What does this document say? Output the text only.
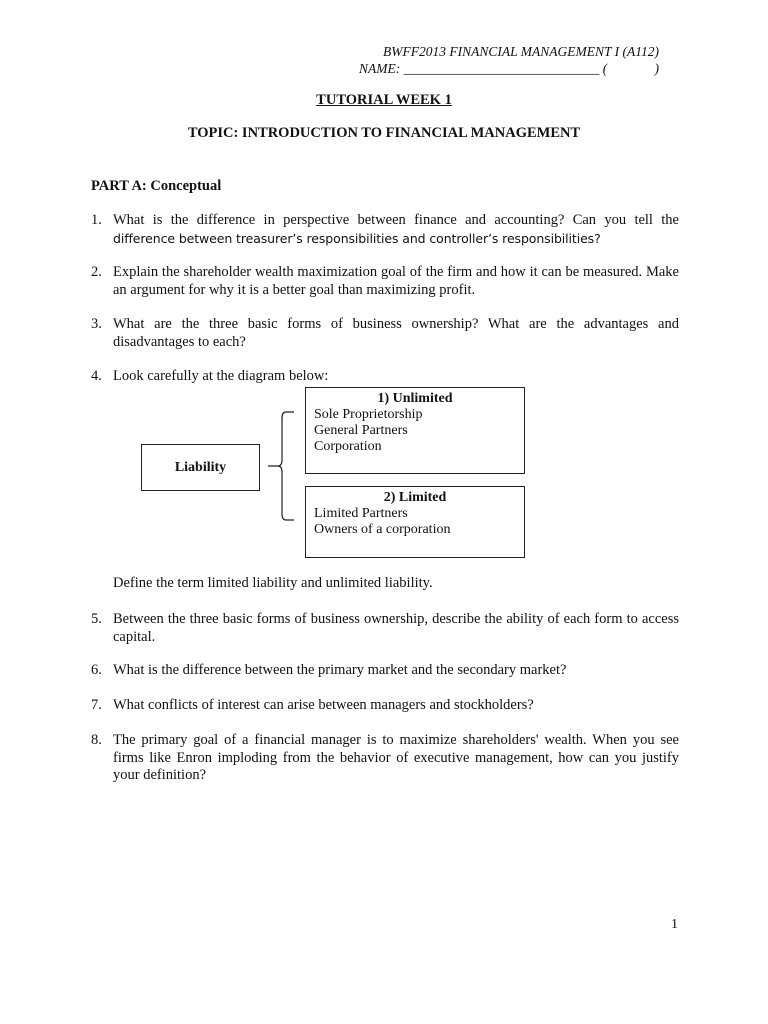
BWFF2013 FINANCIAL MANAGEMENT I (A112)
NAME: _____________________________ (              )
TUTORIAL WEEK 1
TOPIC: INTRODUCTION TO FINANCIAL MANAGEMENT
PART A: Conceptual
1. What is the difference in perspective between finance and accounting? Can you tell the
difference between treasurer’s responsibilities and controller’s responsibilities?
2. Explain the shareholder wealth maximization goal of the firm and how it can be measured. Make an argument for why it is a better goal than maximizing profit.
3. What are the three basic forms of business ownership? What are the advantages and disadvantages to each?
4. Look carefully at the diagram below:
Liability
1) Unlimited
Sole Proprietorship
General Partners
Corporation
2) Limited
Limited Partners
Owners of a corporation
Define the term limited liability and unlimited liability.
5. Between the three basic forms of business ownership, describe the ability of each form to access capital.
6. What is the difference between the primary market and the secondary market?
7. What conflicts of interest can arise between managers and stockholders?
8. The primary goal of a financial manager is to maximize shareholders' wealth. When you see firms like Enron imploding from the behavior of executive management, how can you justify your definition?
1
